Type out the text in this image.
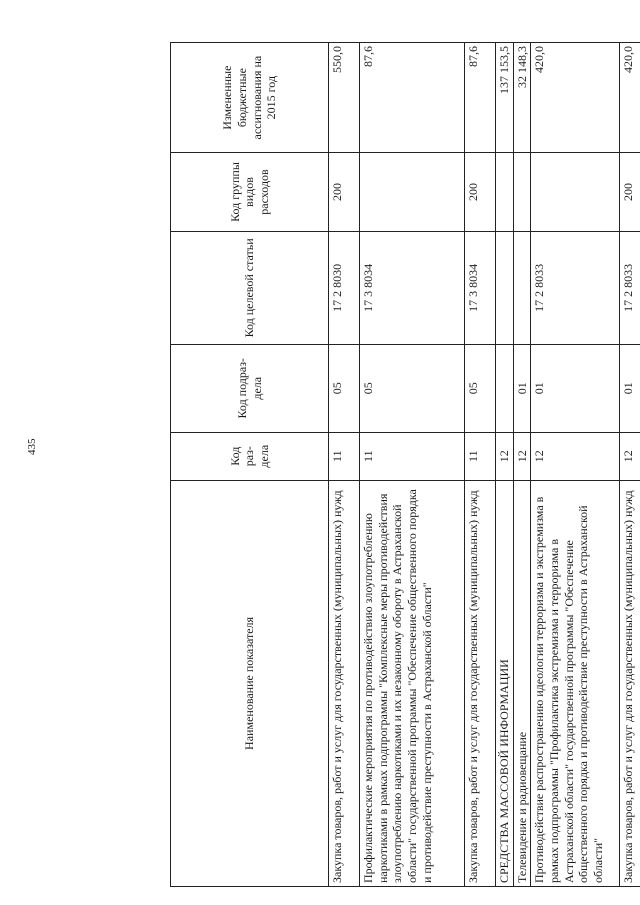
435
Наименование показателя	Код раз-дела	Код подраз-дела	Код целевой статьи	Код группы видов расходов	Измененные бюджетные ассигнования на 2015 год
Закупка товаров, работ и услуг для государственных (муниципальных) нужд	11	05	17 2 8030	200	550,0
Профилактические мероприятия по противодействию злоупотреблению наркотиками в рамках подпрограммы "Комплексные меры противодействия злоупотреблению наркотиками и их незаконному обороту в Астраханской области" государственной программы "Обеспечение общественного порядка и противодействие преступности в Астраханской области"	11	05	17 3 8034		87,6
Закупка товаров, работ и услуг для государственных (муниципальных) нужд	11	05	17 3 8034	200	87,6
СРЕДСТВА МАССОВОЙ ИНФОРМАЦИИ	12				137 153,5
Телевидение и радиовещание	12	01			32 148,3
Противодействие распространению идеологии терроризма и экстремизма в рамках подпрограммы "Профилактика экстремизма и терроризма в Астраханской области" государственной программы "Обеспечение общественного порядка и противодействие преступности в Астраханской области"	12	01	17 2 8033		420,0
Закупка товаров, работ и услуг для государственных (муниципальных) нужд	12	01	17 2 8033	200	420,0
